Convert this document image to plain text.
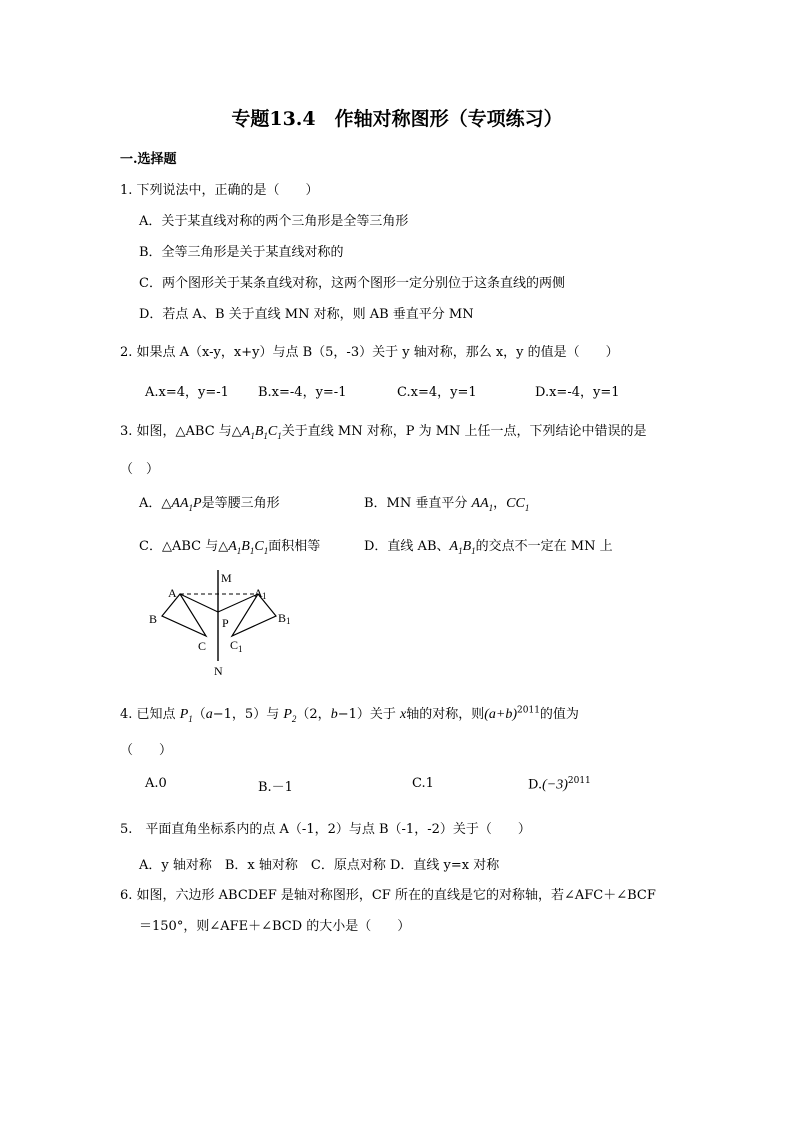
专题13.4　作轴对称图形（专项练习）
一.选择题
1. 下列说法中，正确的是（　　）
A．关于某直线对称的两个三角形是全等三角形
B．全等三角形是关于某直线对称的
C．两个图形关于某条直线对称，这两个图形一定分别位于这条直线的两侧
D．若点 A、B 关于直线 MN 对称，则 AB 垂直平分 MN
2. 如果点 A（x-y，x+y）与点 B（5，-3）关于 y 轴对称，那么 x，y 的值是（　　）
A.x=4，y=-1 B.x=-4，y=-1	C.x=4，y=1	D.x=-4，y=1
3. 如图，△ABC 与$\triangle A_1B_1C_1$关于直线 MN 对称，P 为 MN 上任一点，下列结论中错误的是
（　）
A．$\triangle AA_1P$是等腰三角形	B．MN 垂直平分 $AA_1$，$CC_1$
C．△ABC 与$\triangle A_1B_1C_1$面积相等	D．直线 AB、$A_1B_1$的交点不一定在 MN 上
M
N
A	A 1
B	B 1
C C 1
P
4. 已知点 $P_1(a-1$，5）与 $P_2(2$，b−1）关于 x轴的对称，则$(a+b)^{2011}$的值为
（　　）
A.0	B.－1	C.1	$D.(-3)^{2011}$
5.　平面直角坐标系内的点 A（-1，2）与点 B（-1，-2）关于（　　）
A．y 轴对称　B．x 轴对称　C．原点对称 D．直线 y=x 对称
6. 如图，六边形 ABCDEF 是轴对称图形，CF 所在的直线是它的对称轴，若∠AFC＋∠BCF
＝150°，则∠AFE＋∠BCD 的大小是（　　）
